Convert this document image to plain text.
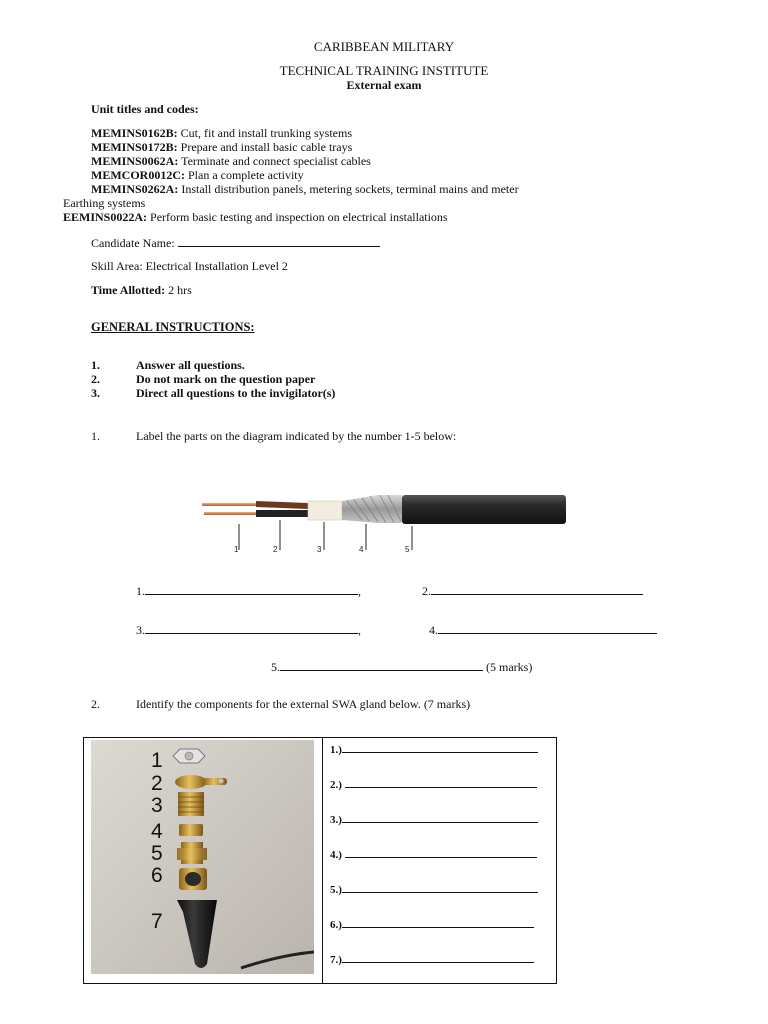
CARIBBEAN MILITARY
TECHNICAL TRAINING INSTITUTE
External exam
Unit titles and codes:
MEMINS0162B: Cut, fit and install trunking systems
MEMINS0172B: Prepare and install basic cable trays
MEMINS0062A: Terminate and connect specialist cables
MEMCOR0012C: Plan a complete activity
MEMINS0262A: Install distribution panels, metering sockets, terminal mains and meter
Earthing systems
EEMINS0022A: Perform basic testing and inspection on electrical installations
Candidate Name:
Skill Area: Electrical Installation Level 2
Time Allotted: 2 hrs
GENERAL INSTRUCTIONS:
1.	Answer all questions.
2.	Do not mark on the question paper
3.	Direct all questions to the invigilator(s)
1.	Label the parts on the diagram indicated by the number 1-5 below:
1	2	3	4	5
1.	,	2.
3.	,	4.
5.	(5 marks)
2.	Identify the components for the external SWA gland below. (7 marks)
1
2
3
4
5
6
7
1.)
2.)
3.)
4.)
5.)
6.)
7.)
